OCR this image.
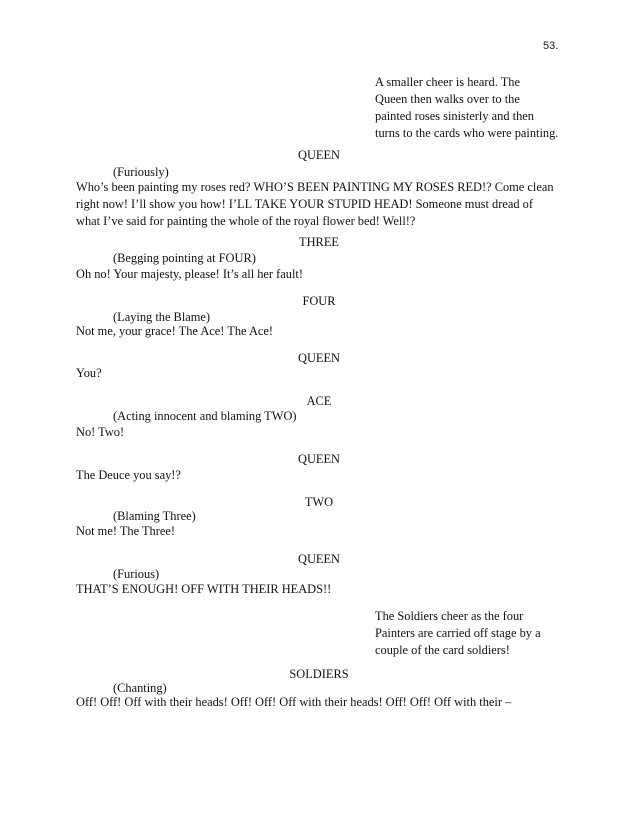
53.
A smaller cheer is heard. The
Queen then walks over to the
painted roses sinisterly and then
turns to the cards who were painting.
QUEEN
(Furiously)
Who’s been painting my roses red? WHO’S BEEN PAINTING MY ROSES RED!? Come clean
right now! I’ll show you how! I’LL TAKE YOUR STUPID HEAD! Someone must dread of
what I’ve said for painting the whole of the royal flower bed! Well!?
THREE
(Begging pointing at FOUR)
Oh no! Your majesty, please! It’s all her fault!
FOUR
(Laying the Blame)
Not me, your grace! The Ace! The Ace!
QUEEN
You?
ACE
(Acting innocent and blaming TWO)
No! Two!
QUEEN
The Deuce you say!?
TWO
(Blaming Three)
Not me! The Three!
QUEEN
(Furious)
THAT’S ENOUGH! OFF WITH THEIR HEADS!!
The Soldiers cheer as the four
Painters are carried off stage by a
couple of the card soldiers!
SOLDIERS
(Chanting)
Off! Off! Off with their heads! Off! Off! Off with their heads! Off! Off! Off with their –
